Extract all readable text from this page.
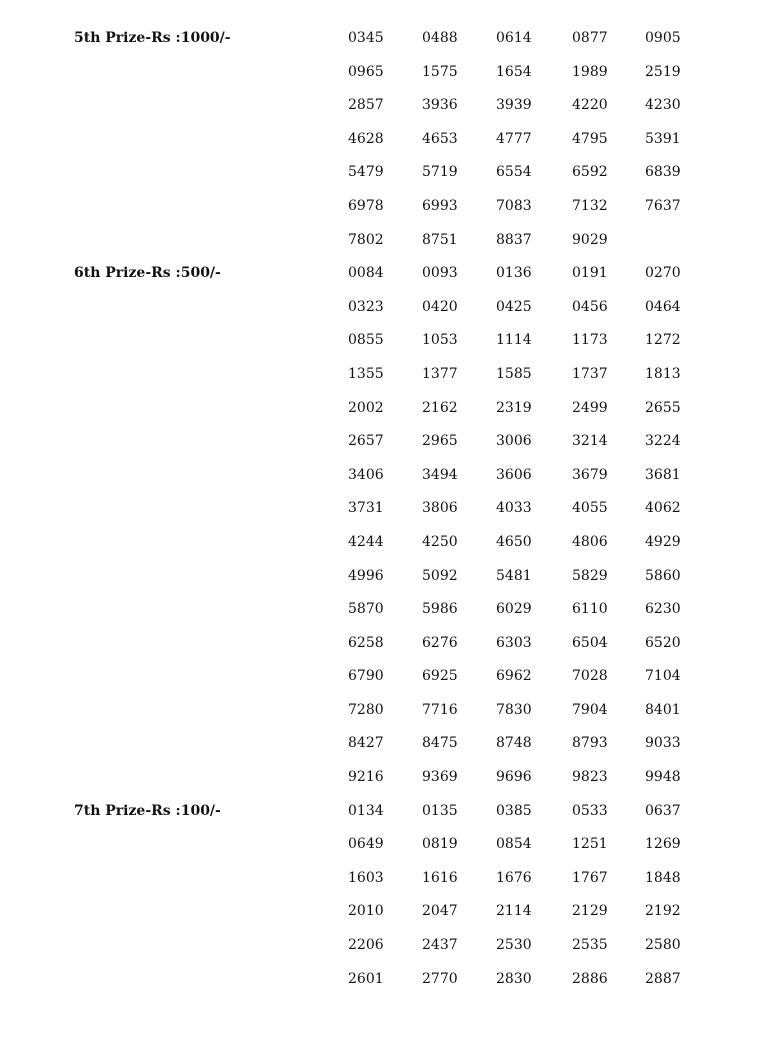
5th Prize-Rs :1000/-	0345	0488	0614	0877	0905
0965	1575	1654	1989	2519
2857	3936	3939	4220	4230
4628	4653	4777	4795	5391
5479	5719	6554	6592	6839
6978	6993	7083	7132	7637
7802	8751	8837	9029
6th Prize-Rs :500/-	0084	0093	0136	0191	0270
0323	0420	0425	0456	0464
0855	1053	1114	1173	1272
1355	1377	1585	1737	1813
2002	2162	2319	2499	2655
2657	2965	3006	3214	3224
3406	3494	3606	3679	3681
3731	3806	4033	4055	4062
4244	4250	4650	4806	4929
4996	5092	5481	5829	5860
5870	5986	6029	6110	6230
6258	6276	6303	6504	6520
6790	6925	6962	7028	7104
7280	7716	7830	7904	8401
8427	8475	8748	8793	9033
9216	9369	9696	9823	9948
7th Prize-Rs :100/-	0134	0135	0385	0533	0637
0649	0819	0854	1251	1269
1603	1616	1676	1767	1848
2010	2047	2114	2129	2192
2206	2437	2530	2535	2580
2601	2770	2830	2886	2887
